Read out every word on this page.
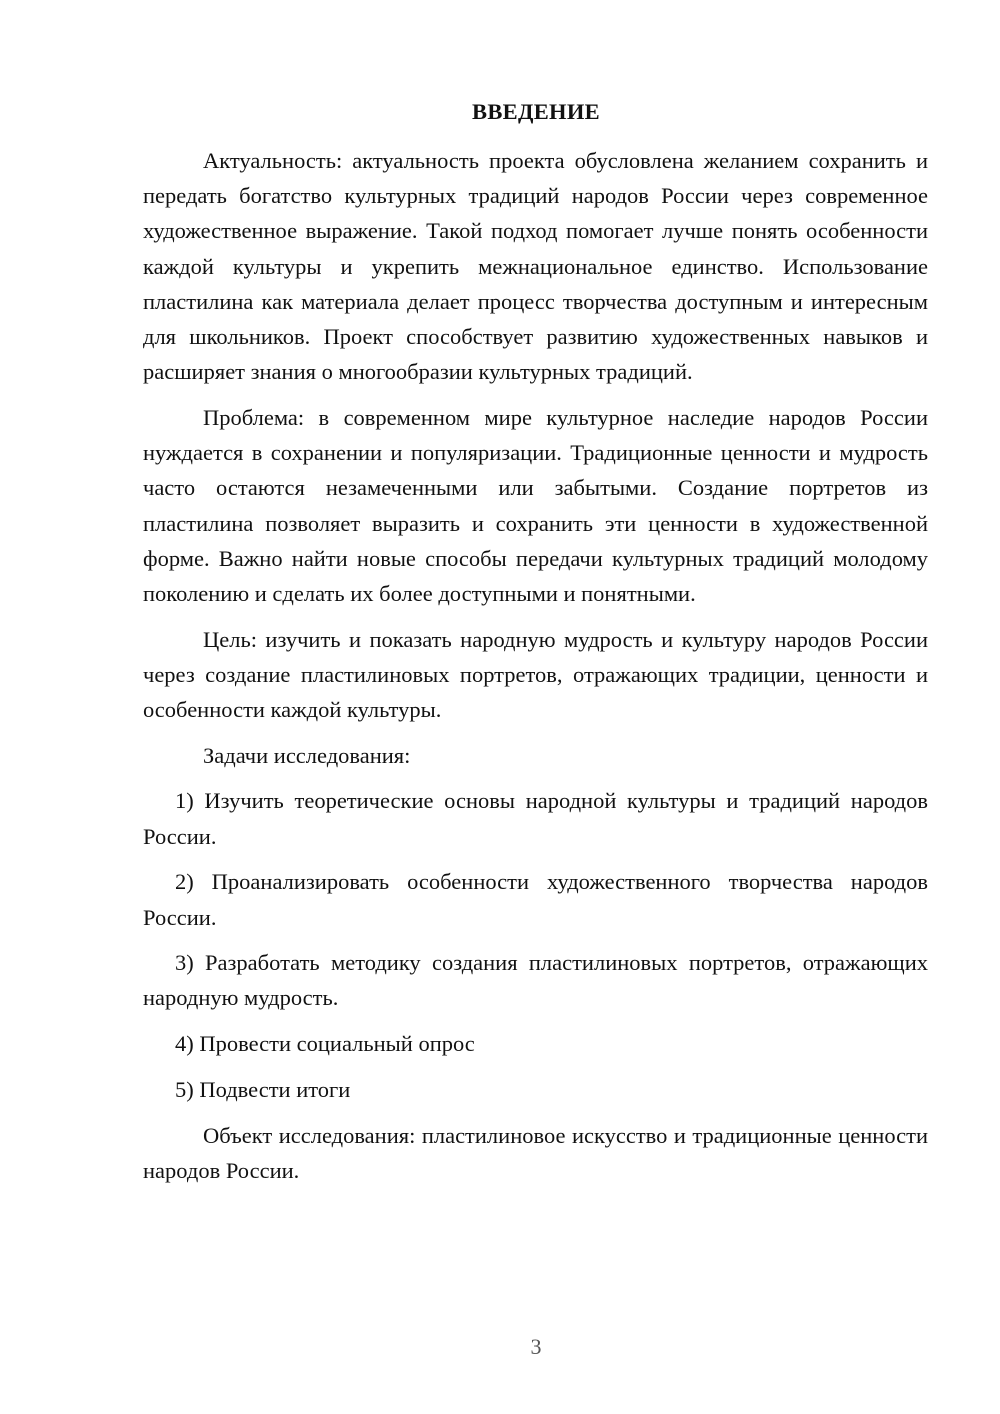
ВВЕДЕНИЕ

Актуальность: актуальность проекта обусловлена желанием сохранить и передать богатство культурных традиций народов России через современное художественное выражение. Такой подход помогает лучше понять особенности каждой культуры и укрепить межнациональное единство. Использование пластилина как материала делает процесс творчества доступным и интересным для школьников. Проект способствует развитию художественных навыков и расширяет знания о многообразии культурных традиций.

Проблема: в современном мире культурное наследие народов России нуждается в сохранении и популяризации. Традиционные ценности и мудрость часто остаются незамеченными или забытыми. Создание портретов из пластилина позволяет выразить и сохранить эти ценности в художественной форме. Важно найти новые способы передачи культурных традиций молодому поколению и сделать их более доступными и понятными.

Цель: изучить и показать народную мудрость и культуру народов России через создание пластилиновых портретов, отражающих традиции, ценности и особенности каждой культуры.

Задачи исследования:

1) Изучить теоретические основы народной культуры и традиций народов России.

2) Проанализировать особенности художественного творчества народов России.

3) Разработать методику создания пластилиновых портретов, отражающих народную мудрость.

4) Провести социальный опрос

5) Подвести итоги

Объект исследования: пластилиновое искусство и традиционные ценности народов России.

3
